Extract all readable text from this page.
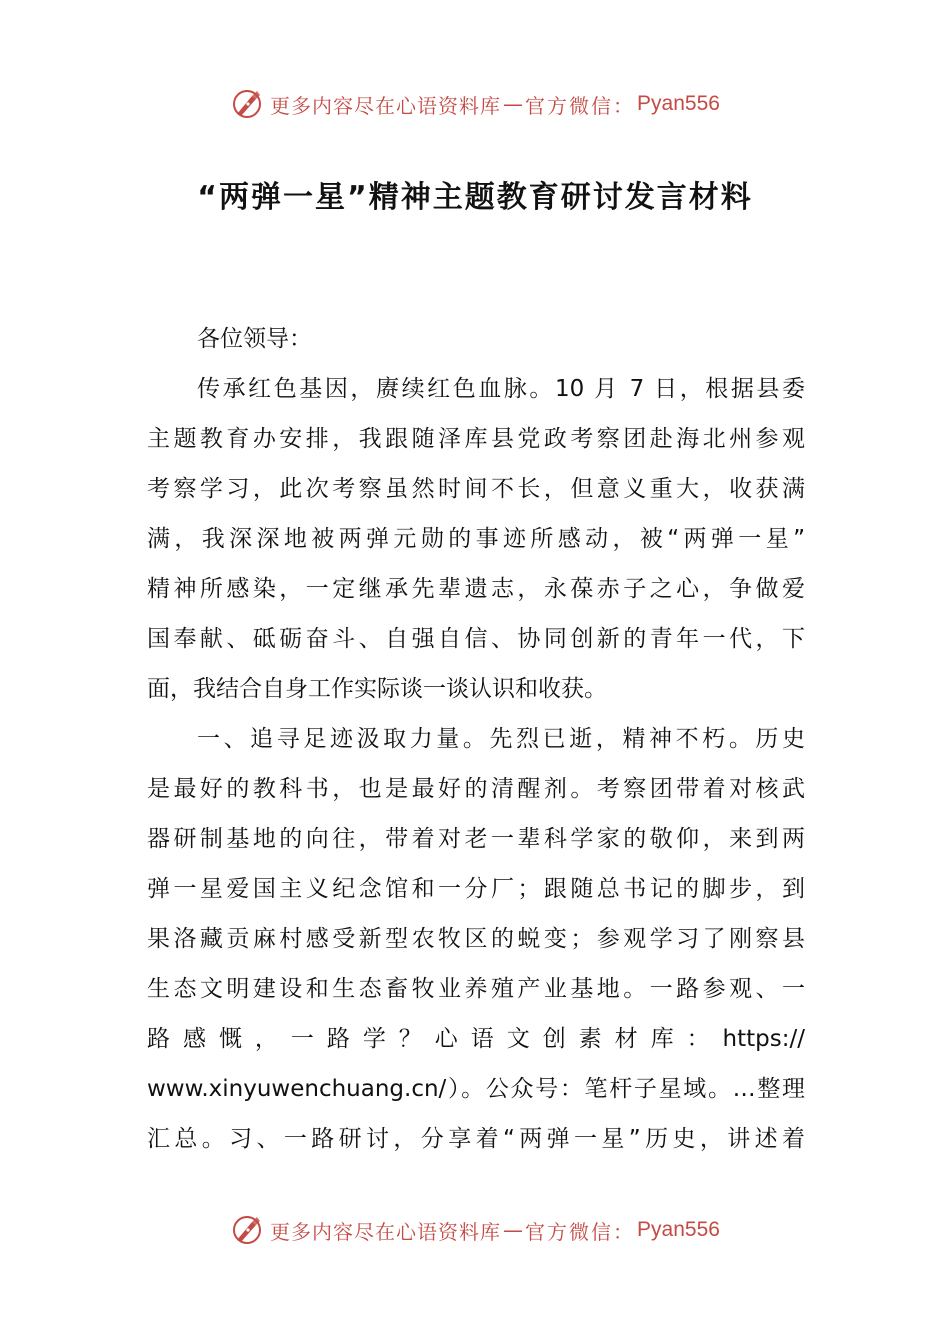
更多内容尽在心语资料库 — 官方微信： Pyan556
“两弹一星”精神主题教育研讨发言材料
各位领导：
传承红色基因，赓续红色血脉。10 月 7 日，根据县委
主题教育办安排，我跟随泽库县党政考察团赴海北州参观
考察学习，此次考察虽然时间不长，但意义重大，收获满
满，我深深地被两弹元勋的事迹所感动，被“两弹一星”
精神所感染，一定继承先辈遗志，永葆赤子之心，争做爱
国奉献、砥砺奋斗、自强自信、协同创新的青年一代，下
面，我结合自身工作实际谈一谈认识和收获。
一、追寻足迹汲取力量。先烈已逝，精神不朽。历史
是最好的教科书，也是最好的清醒剂。考察团带着对核武
器研制基地的向往，带着对老一辈科学家的敬仰，来到两
弹一星爱国主义纪念馆和一分厂；跟随总书记的脚步，到
果洛藏贡麻村感受新型农牧区的蜕变；参观学习了刚察县
生态文明建设和生态畜牧业养殖产业基地。一路参观、一
路感慨，一路学？心语文创素材库：https://
www.xinyuwenchuang.cn/）。公众号：笔杆子星域。…整理
汇总。习、一路研讨，分享着“两弹一星”历史，讲述着
更多内容尽在心语资料库 — 官方微信： Pyan556
